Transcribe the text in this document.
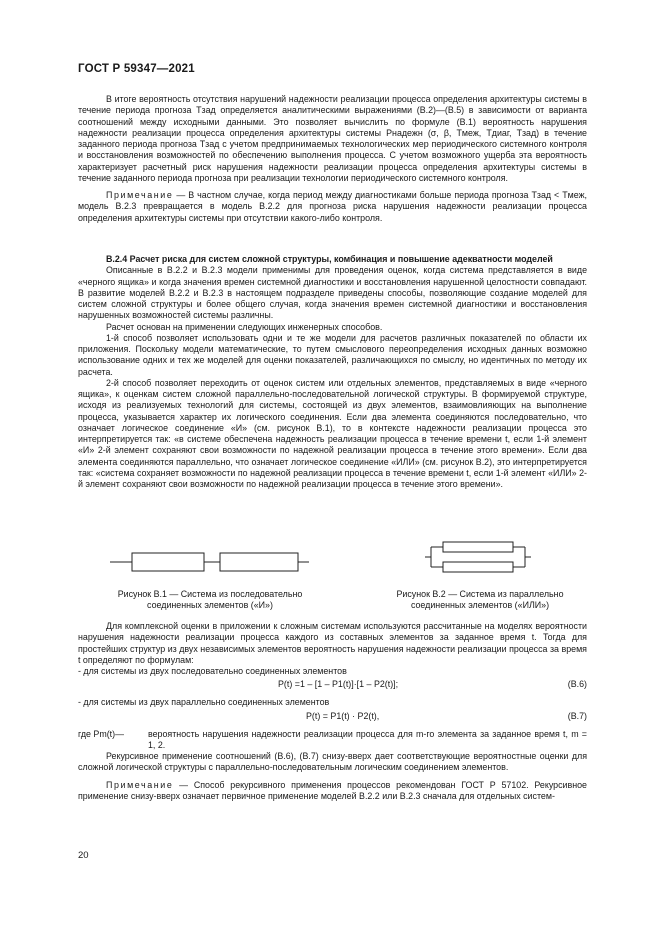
ГОСТ Р 59347—2021

В итоге вероятность отсутствия нарушений надежности реализации процесса определения архитектуры системы в течение периода прогноза Tзад определяется аналитическими выражениями (В.2)—(В.5) в зависимости от варианта соотношений между исходными данными. Это позволяет вычислить по формуле (В.1) вероятность нарушения надежности реализации процесса определения архитектуры системы Pнадежн (σ, β, Tмеж, Tдиаг, Tзад) в течение заданного периода прогноза Tзад с учетом предпринимаемых технологических мер периодического системного контроля и восстановления возможностей по обеспечению выполнения процесса. С учетом возможного ущерба эта вероятность характеризует расчетный риск нарушения надежности реализации процесса определения архитектуры системы в течение заданного периода прогноза при реализации технологии периодического системного контроля.

Примечание — В частном случае, когда период между диагностиками больше периода прогноза Tзад < Tмеж, модель В.2.3 превращается в модель В.2.2 для прогноза риска нарушения надежности реализации процесса определения архитектуры системы при отсутствии какого-либо контроля.

В.2.4 Расчет риска для систем сложной структуры, комбинация и повышение адекватности моделей

Описанные в В.2.2 и В.2.3 модели применимы для проведения оценок, когда система представляется в виде «черного ящика» и когда значения времен системной диагностики и восстановления нарушенной целостности совпадают. В развитие моделей В.2.2 и В.2.3 в настоящем подразделе приведены способы, позволяющие создание моделей для систем сложной структуры и более общего случая, когда значения времен системной диагностики и восстановления нарушенных возможностей системы различны.

Расчет основан на применении следующих инженерных способов.

1-й способ позволяет использовать одни и те же модели для расчетов различных показателей по области их приложения. Поскольку модели математические, то путем смыслового переопределения исходных данных возможно использование одних и тех же моделей для оценки показателей, различающихся по смыслу, но идентичных по методу их расчета.

2-й способ позволяет переходить от оценок систем или отдельных элементов, представляемых в виде «черного ящика», к оценкам систем сложной параллельно-последовательной логической структуры. В формируемой структуре, исходя из реализуемых технологий для системы, состоящей из двух элементов, взаимовлияющих на выполнение процесса, указывается характер их логического соединения. Если два элемента соединяются последовательно, что означает логическое соединение «И» (см. рисунок В.1), то в контексте надежности реализации процесса это интерпретируется так: «в системе обеспечена надежность реализации процесса в течение времени t, если 1-й элемент «И» 2-й элемент сохраняют свои возможности по надежной реализации процесса в течение этого времени». Если два элемента соединяются параллельно, что означает логическое соединение «ИЛИ» (см. рисунок В.2), это интерпретируется так: «система сохраняет возможности по надежной реализации процесса в течение времени t, если 1-й элемент «ИЛИ» 2-й элемент сохраняют свои возможности по надежной реализации процесса в течение этого времени».

Рисунок В.1 — Система из последовательно
соединенных элементов («И»)
Рисунок В.2 — Система из параллельно
соединенных элементов («ИЛИ»)

Для комплексной оценки в приложении к сложным системам используются рассчитанные на моделях вероятности нарушения надежности реализации процесса каждого из составных элементов за заданное время t. Тогда для простейших структур из двух независимых элементов вероятность нарушения надежности реализации процесса за время t определяют по формулам:

- для системы из двух последовательно соединенных элементов

P(t) =1 – [1 – P1(t)]·[1 – P2(t)];	(В.6)

- для системы из двух параллельно соединенных элементов

P(t) = P1(t) · P2(t),	(В.7)
где Pm(t)—	вероятность нарушения надежности реализации процесса для m-го элемента за заданное время t, m = 1, 2.

Рекурсивное применение соотношений (В.6), (В.7) снизу-вверх дает соответствующие вероятностные оценки для сложной логической структуры с параллельно-последовательным логическим соединением элементов.

Примечание — Способ рекурсивного применения процессов рекомендован ГОСТ Р 57102. Рекурсивное применение снизу-вверх означает первичное применение моделей В.2.2 или В.2.3 сначала для отдельных систем-

20
